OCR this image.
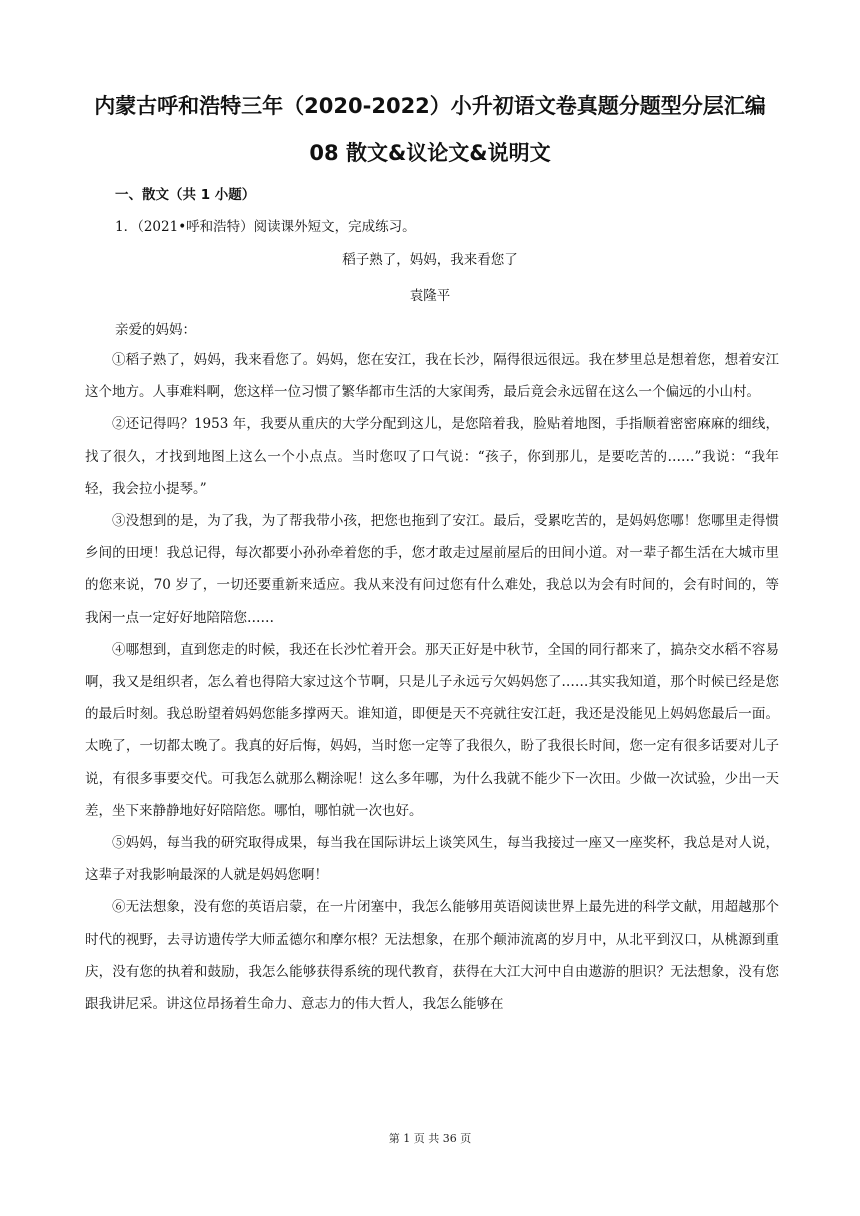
内蒙古呼和浩特三年（2020-2022）小升初语文卷真题分题型分层汇编
08 散文&议论文&说明文
一、散文（共 1 小题）
1．（2021•呼和浩特）阅读课外短文，完成练习。
稻子熟了，妈妈，我来看您了
袁隆平
亲爱的妈妈：

①稻子熟了，妈妈，我来看您了。妈妈，您在安江，我在长沙，隔得很远很远。我在梦里总是想着您，想着安江这个地方。人事难料啊，您这样一位习惯了繁华都市生活的大家闺秀，最后竟会永远留在这么一个偏远的小山村。

②还记得吗？1953 年，我要从重庆的大学分配到这儿，是您陪着我，脸贴着地图，手指顺着密密麻麻的细线，找了很久，才找到地图上这么一个小点点。当时您叹了口气说：“孩子，你到那儿，是要吃苦的……”我说：“我年轻，我会拉小提琴。”

③没想到的是，为了我，为了帮我带小孩，把您也拖到了安江。最后，受累吃苦的，是妈妈您哪！您哪里走得惯乡间的田埂！我总记得，每次都要小孙孙牵着您的手，您才敢走过屋前屋后的田间小道。对一辈子都生活在大城市里的您来说，70 岁了，一切还要重新来适应。我从来没有问过您有什么难处，我总以为会有时间的，会有时间的，等我闲一点一定好好地陪陪您……

④哪想到，直到您走的时候，我还在长沙忙着开会。那天正好是中秋节，全国的同行都来了，搞杂交水稻不容易啊，我又是组织者，怎么着也得陪大家过这个节啊，只是儿子永远亏欠妈妈您了……其实我知道，那个时候已经是您的最后时刻。我总盼望着妈妈您能多撑两天。谁知道，即便是天不亮就往安江赶，我还是没能见上妈妈您最后一面。太晚了，一切都太晚了。我真的好后悔，妈妈，当时您一定等了我很久，盼了我很长时间，您一定有很多话要对儿子说，有很多事要交代。可我怎么就那么糊涂呢！这么多年哪，为什么我就不能少下一次田。少做一次试验，少出一天差，坐下来静静地好好陪陪您。哪怕，哪怕就一次也好。

⑤妈妈，每当我的研究取得成果，每当我在国际讲坛上谈笑风生，每当我接过一座又一座奖杯，我总是对人说，这辈子对我影响最深的人就是妈妈您啊！

⑥无法想象，没有您的英语启蒙，在一片闭塞中，我怎么能够用英语阅读世界上最先进的科学文献，用超越那个时代的视野，去寻访遗传学大师孟德尔和摩尔根？无法想象，在那个颠沛流离的岁月中，从北平到汉口，从桃源到重庆，没有您的执着和鼓励，我怎么能够获得系统的现代教育，获得在大江大河中自由遨游的胆识？无法想象，没有您跟我讲尼采。讲这位昂扬着生命力、意志力的伟大哲人，我怎么能够在

第 1 页 共 36 页
